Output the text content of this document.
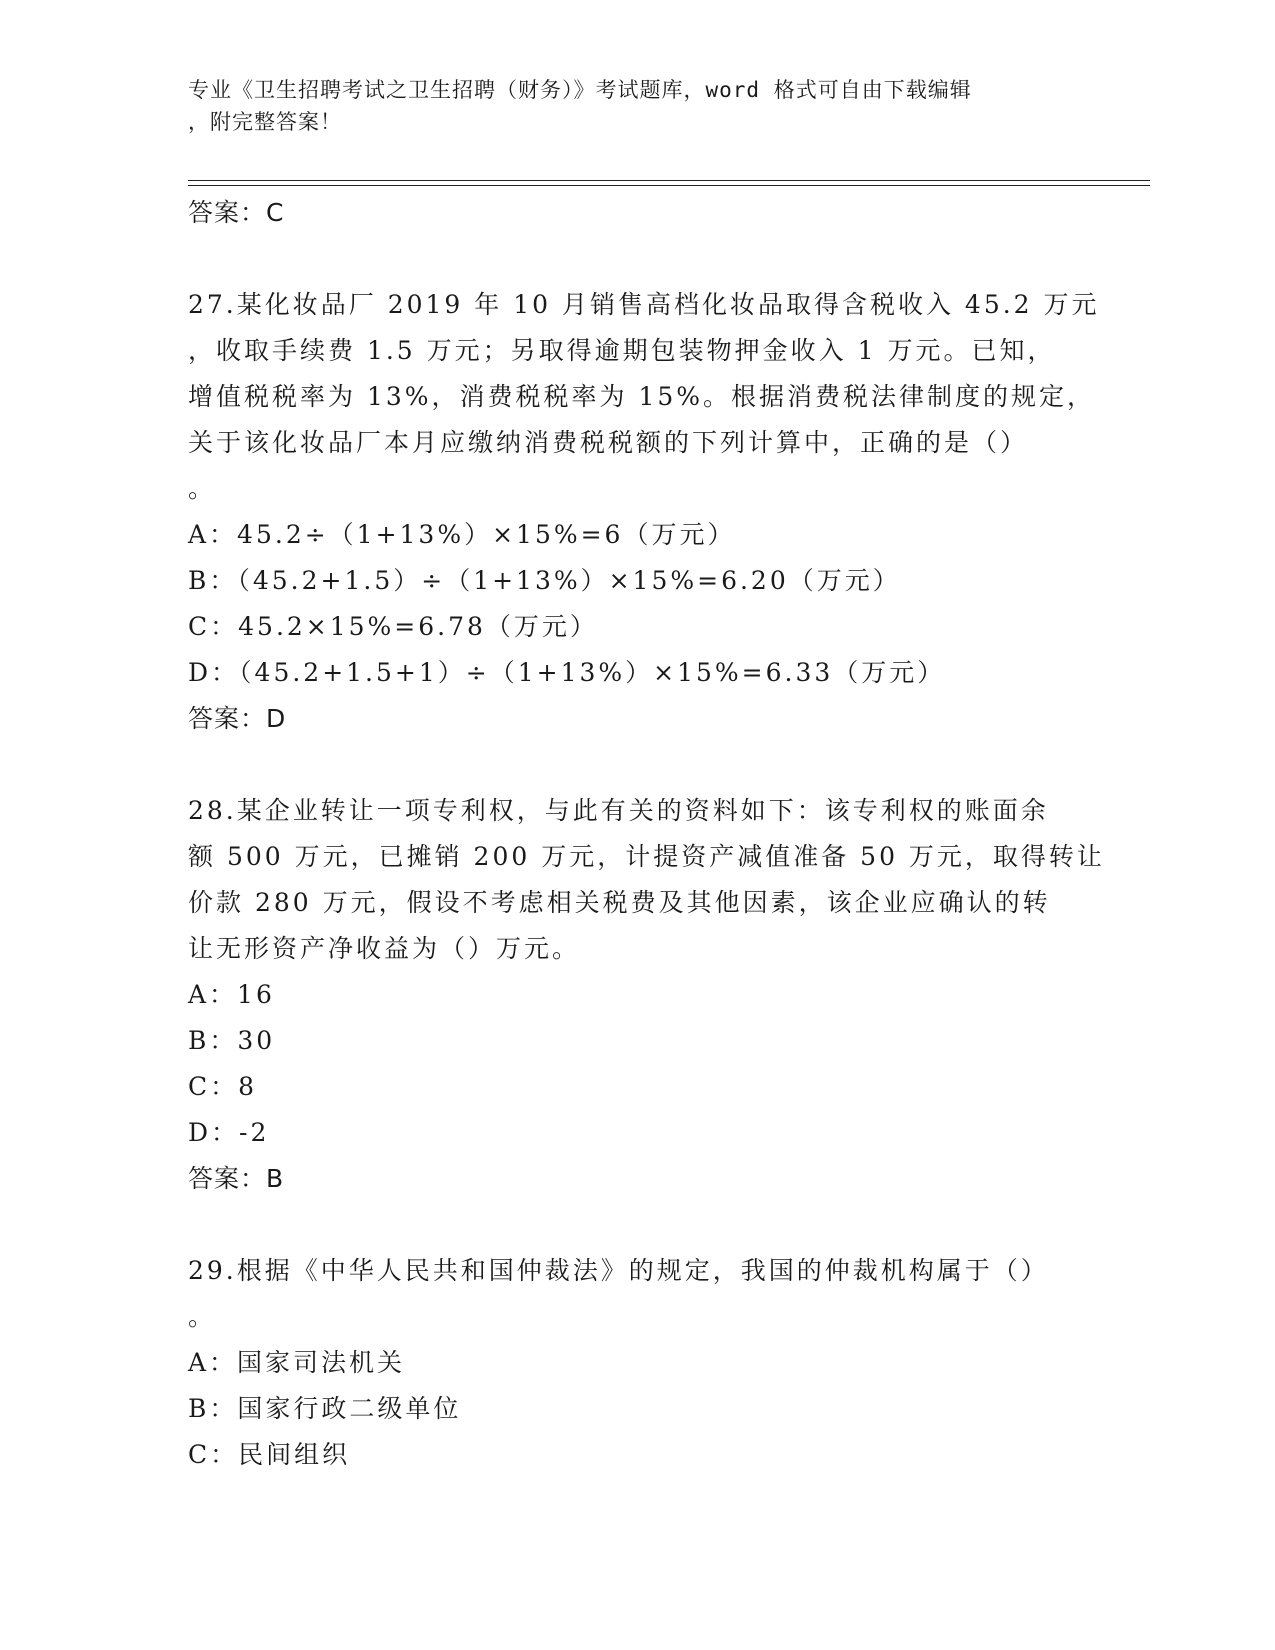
专业《卫生招聘考试之卫生招聘（财务）》考试题库，word 格式可自由下载编辑
，附完整答案！
答案：C
27.某化妆品厂 2019 年 10 月销售高档化妆品取得含税收入 45.2 万元
，收取手续费 1.5 万元；另取得逾期包装物押金收入 1 万元。已知，
增值税税率为 13%，消费税税率为 15%。根据消费税法律制度的规定，
关于该化妆品厂本月应缴纳消费税税额的下列计算中，正确的是（）
。
A：45.2÷（1+13%）×15%=6（万元）
B：（45.2+1.5）÷（1+13%）×15%=6.20（万元）
C：45.2×15%=6.78（万元）
D：（45.2+1.5+1）÷（1+13%）×15%=6.33（万元）
答案：D
28.某企业转让一项专利权，与此有关的资料如下：该专利权的账面余
额 500 万元，已摊销 200 万元，计提资产减值准备 50 万元，取得转让
价款 280 万元，假设不考虑相关税费及其他因素，该企业应确认的转
让无形资产净收益为（）万元。
A：16
B：30
C：8
D：-2
答案：B
29.根据《中华人民共和国仲裁法》的规定，我国的仲裁机构属于（）
。
A：国家司法机关
B：国家行政二级单位
C：民间组织
